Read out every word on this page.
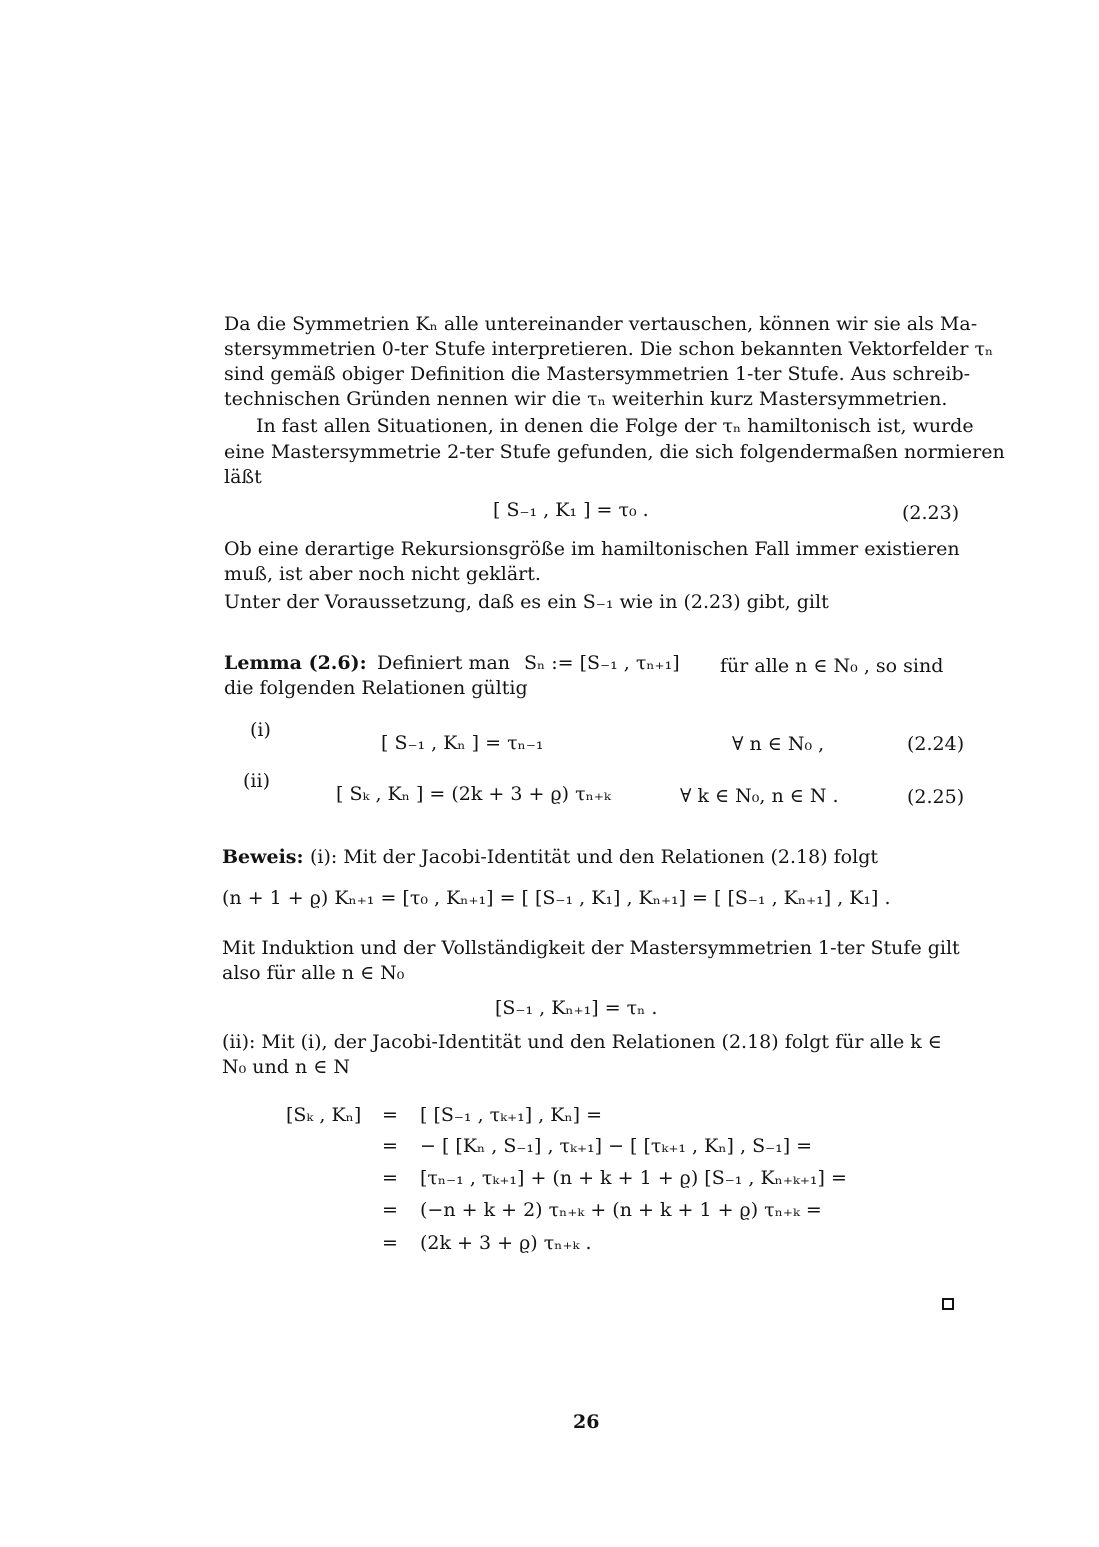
Da die Symmetrien Kₙ alle untereinander vertauschen, können wir sie als Ma-
stersymmetrien 0-ter Stufe interpretieren. Die schon bekannten Vektorfelder τₙ
sind gemäß obiger Definition die Mastersymmetrien 1-ter Stufe. Aus schreib-
technischen Gründen nennen wir die τₙ weiterhin kurz Mastersymmetrien.
In fast allen Situationen, in denen die Folge der τₙ hamiltonisch ist, wurde
eine Mastersymmetrie 2-ter Stufe gefunden, die sich folgendermaßen normieren
läßt
[ S₋₁ , K₁ ] = τ₀ .	(2.23)
Ob eine derartige Rekursionsgröße im hamiltonischen Fall immer existieren
muß, ist aber noch nicht geklärt.
Unter der Voraussetzung, daß es ein S₋₁ wie in (2.23) gibt, gilt
Lemma (2.6): Definiert man Sₙ := [S₋₁ , τₙ₊₁] für alle n ∈ N₀ , so sind
die folgenden Relationen gültig
(i)
[ S₋₁ , Kₙ ] = τₙ₋₁	∀ n ∈ N₀ ,	(2.24)
(ii)
[ Sₖ , Kₙ ] = (2k + 3 + ϱ) τₙ₊ₖ	∀ k ∈ N₀, n ∈ N .	(2.25)
Beweis: (i): Mit der Jacobi-Identität und den Relationen (2.18) folgt
(n + 1 + ϱ) Kₙ₊₁ = [τ₀ , Kₙ₊₁] = [ [S₋₁ , K₁] , Kₙ₊₁] = [ [S₋₁ , Kₙ₊₁] , K₁] .
Mit Induktion und der Vollständigkeit der Mastersymmetrien 1-ter Stufe gilt
also für alle n ∈ N₀
[S₋₁ , Kₙ₊₁] = τₙ .
(ii): Mit (i), der Jacobi-Identität und den Relationen (2.18) folgt für alle k ∈
N₀ und n ∈ N
[Sₖ , Kₙ] = [ [S₋₁ , τₖ₊₁] , Kₙ] =
= − [ [Kₙ , S₋₁] , τₖ₊₁] − [ [τₖ₊₁ , Kₙ] , S₋₁] =
= [τₙ₋₁ , τₖ₊₁] + (n + k + 1 + ϱ) [S₋₁ , Kₙ₊ₖ₊₁] =
= (−n + k + 2) τₙ₊ₖ + (n + k + 1 + ϱ) τₙ₊ₖ =
= (2k + 3 + ϱ) τₙ₊ₖ .
26
